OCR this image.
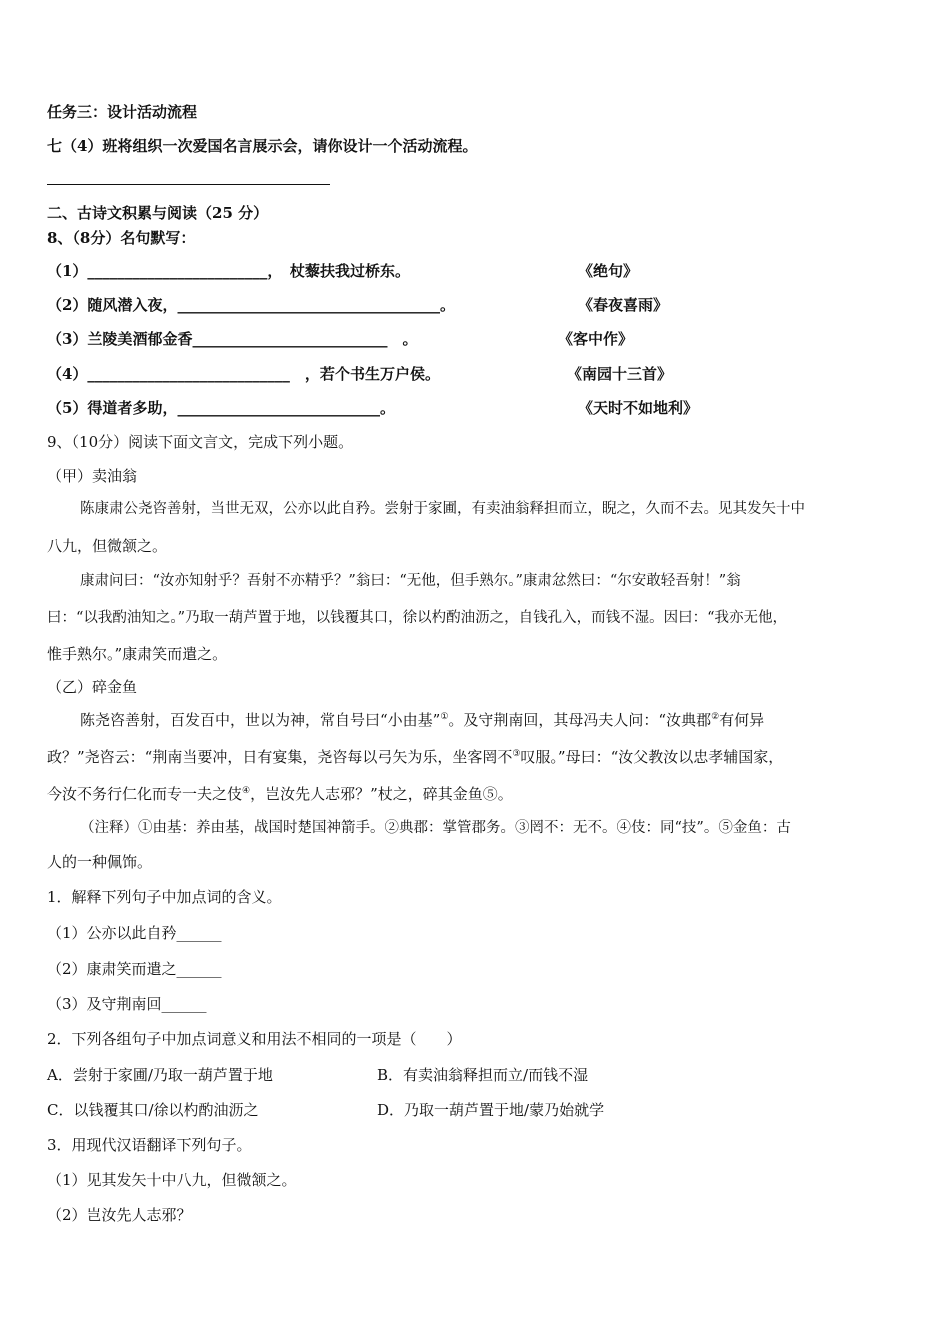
任务三：设计活动流程
七（4）班将组织一次爱国名言展示会，请你设计一个活动流程。
二、古诗文积累与阅读（25 分）
8、（8分）名句默写：
（1）________________________，　杖藜扶我过桥东。	《绝句》
（2）随风潜入夜，___________________________________。	《春夜喜雨》
（3）兰陵美酒郁金香__________________________　。	《客中作》
（4）___________________________　，若个书生万户侯。	《南园十三首》
（5）得道者多助，___________________________。	《天时不如地利》
9、（10分）阅读下面文言文，完成下列小题。
（甲）卖油翁
陈康肃公尧咨善射，当世无双，公亦以此自矜。尝射于家圃，有卖油翁释担而立，睨之，久而不去。见其发矢十中
八九，但微颔之。
康肃问曰：“汝亦知射乎？吾射不亦精乎？”翁曰：“无他，但手熟尔。”康肃忿然曰：“尔安敢轻吾射！”翁
曰：“以我酌油知之。”乃取一葫芦置于地，以钱覆其口，徐以杓酌油沥之，自钱孔入，而钱不湿。因曰：“我亦无他，
惟手熟尔。”康肃笑而遣之。
（乙）碎金鱼
陈尧咨善射，百发百中，世以为神，常自号曰“小由基”①。及守荆南回，其母冯夫人问：“汝典郡②有何异
政？”尧咨云：“荆南当要冲，日有宴集，尧咨每以弓矢为乐，坐客罔不③叹服。”母曰：“汝父教汝以忠孝辅国家，
今汝不务行仁化而专一夫之伎④，岂汝先人志邪？”杖之，碎其金鱼⑤。
（注释）①由基：养由基，战国时楚国神箭手。②典郡：掌管郡务。③罔不：无不。④伎：同“技”。⑤金鱼：古
人的一种佩饰。
1．解释下列句子中加点词的含义。
（1）公亦以此自矜______
（2）康肃笑而遣之______
（3）及守荆南回______
2．下列各组句子中加点词意义和用法不相同的一项是（　　）
A．尝射于家圃/乃取一葫芦置于地	B．有卖油翁释担而立/而钱不湿
C．以钱覆其口/徐以杓酌油沥之	D．乃取一葫芦置于地/蒙乃始就学
3．用现代汉语翻译下列句子。
（1）见其发矢十中八九，但微颔之。
（2）岂汝先人志邪？
